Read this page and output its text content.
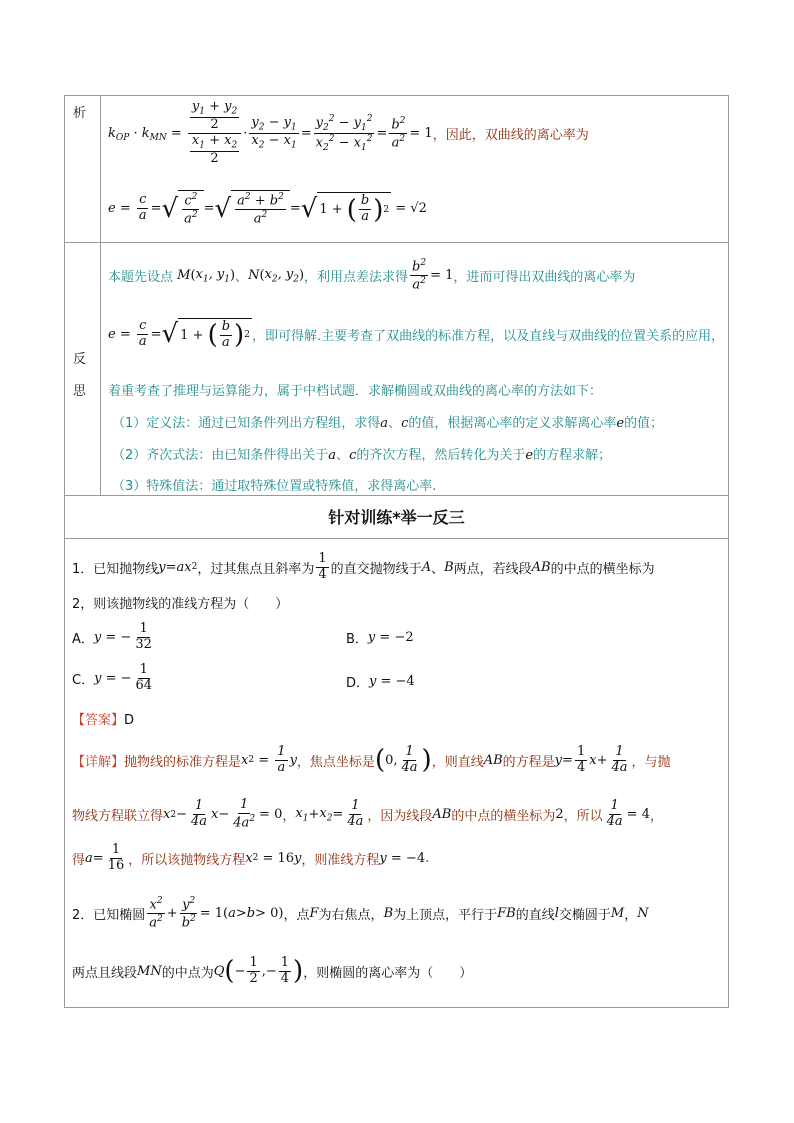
析
$k_{OP} \cdot k_{MN} = \frac{\frac{y_1 + y_2}{2}}{\frac{x_1 + x_2}{2}} \cdot \frac{y_2 - y_1}{x_2 - x_1} = \frac{y_2^2 - y_1^2}{x_2^2 - x_1^2} = \frac{b^2}{a^2} = 1$ ，因此，双曲线的离心率为
$e = \frac{c}{a}$ = √ $\frac{c^2}{a^2}$ = √ $\frac{a^2 + b^2}{a^2}$ = √ 1 + ( $\frac{b}{a}$ ) 2 = √2
反
思
本题先设点 M ( $x_1$, $y_1$ ) 、 N ( $x_2$, $y_2$ ) ，利用点差法求得 $\frac{b^2}{a^2} = 1$ ，进而可得出双曲线的离心率为
$e = \frac{c}{a}$ = √ 1 + ( $\frac{b}{a}$ ) 2 ，即可得解.主要考查了双曲线的标准方程，以及直线与双曲线的位置关系的应用，
着重考查了推理与运算能力，属于中档试题．求解椭圆或双曲线的离心率的方法如下：
（1）定义法：通过已知条件列出方程组，求得a、c的值，根据离心率的定义求解离心率e的值；
（2）齐次式法：由已知条件得出关于a、c的齐次方程，然后转化为关于e的方程求解；
（3）特殊值法：通过取特殊位置或特殊值，求得离心率.
针对训练*举一反三
1．已知抛物线 y = ax 2 ，过其焦点且斜率为 $\frac{1}{4}$ 的直交抛物线于 A 、 B 两点，若线段 AB 的中点的横坐标为
2，则该抛物线的准线方程为（　　）
A． y = − $\frac{1}{32}$	B． y = −2
C． y = − $\frac{1}{64}$	D． y = −4
【答案】D
【详解】 抛物线的标准方程是 x $2 = \frac{1}{a}$ y ，焦点坐标是 ( 0, $\frac{1}{4a}$ ) ，则直线 AB 的方程是 $y = \frac{1}{4}$ $x + \frac{1}{4a}$ ，与抛
物线方程联立得 x $2 - \frac{1}{4a}$ $x - \frac{1}{4a^2} = 0$ ， $x_1 + x_2 = \frac{1}{4a}$ ，因为线段 AB 的中点的横坐标为 2 ，所以 $\frac{1}{4a} = 4$ ，
得 $a = \frac{1}{16}$ ，所以该抛物线方程 x 2 = 16 y ，则准线方程 y = −4 .
2．已知椭圆 $\frac{x^2}{a^2} + \frac{y^2}{b^2} = 1$( a > b > 0) ，点 F 为右焦点， B 为上顶点，平行于 FB 的直线 l 交椭圆于 M ， N
两点且线段 MN 的中点为 Q ( − $\frac{1}{2}$ ,− $\frac{1}{4}$ ) ，则椭圆的离心率为（　　）
